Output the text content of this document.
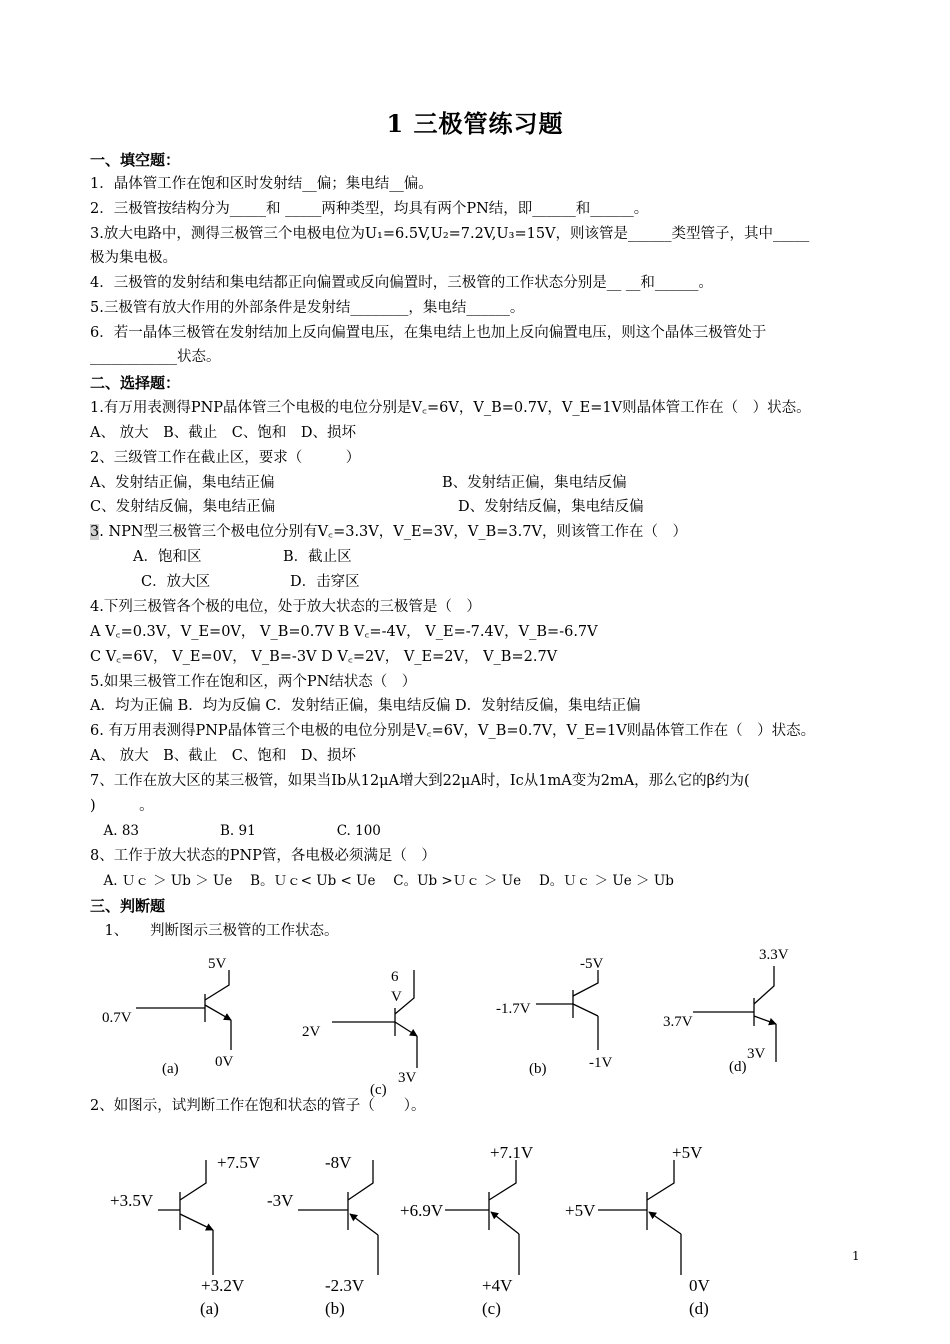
1 三极管练习题
一、填空题：
1．晶体管工作在饱和区时发射结__偏；集电结__偏。
2．三极管按结构分为_____和 _____两种类型，均具有两个PN结，即______和______。
3.放大电路中，测得三极管三个电极电位为U₁=6.5V,U₂=7.2V,U₃=15V，则该管是______类型管子，其中_____
极为集电极。
4．三极管的发射结和集电结都正向偏置或反向偏置时，三极管的工作状态分别是__ __和______。
5.三极管有放大作用的外部条件是发射结________，集电结______。
6．若一晶体三极管在发射结加上反向偏置电压，在集电结上也加上反向偏置电压，则这个晶体三极管处于
____________状态。
二、选择题：
1.有万用表测得PNP晶体管三个电极的电位分别是V꜀=6V，V_B=0.7V，V_E=1V则晶体管工作在（　）状态。
A、 放大　B、截止　C、饱和　D、损坏
2、三级管工作在截止区，要求（　　　）
A、发射结正偏，集电结正偏	B、发射结正偏，集电结反偏
C、发射结反偏，集电结正偏	D、发射结反偏，集电结反偏
3. NPN型三极管三个极电位分别有V꜀=3.3V，V_E=3V，V_B=3.7V，则该管工作在（　）
A．饱和区	B．截止区
C．放大区	D．击穿区
4.下列三极管各个极的电位，处于放大状态的三极管是（　）
A V꜀=0.3V，V_E=0V， V_B=0.7V B V꜀=-4V， V_E=-7.4V，V_B=-6.7V
C V꜀=6V， V_E=0V， V_B=-3V D V꜀=2V， V_E=2V， V_B=2.7V
5.如果三极管工作在饱和区，两个PN结状态（　）
A．均为正偏 B．均为反偏 C．发射结正偏，集电结反偏 D．发射结反偏，集电结正偏
6. 有万用表测得PNP晶体管三个电极的电位分别是V꜀=6V，V_B=0.7V，V_E=1V则晶体管工作在（　）状态。
A、 放大　B、截止　C、饱和　D、损坏
7、工作在放大区的某三极管，如果当Ib从12μA增大到22μA时，Ic从1mA变为2mA，那么它的β约为(
)　　　。
　A. 83　　　　　　B. 91　　　　　　C. 100
8、工作于放大状态的PNP管，各电极必须满足（　）
　A. Ｕｃ ＞ Ub ＞ Ue　 B。Ｕｃ< Ub < Ue　 C。Ub >Ｕｃ ＞ Ue　 D。Ｕｃ ＞ Ue ＞ Ub
三、判断题
　1、　　判断图示三极管的工作状态。
2、如图示，试判断工作在饱和状态的管子（　　）。
5V
0.7V
0V
(a)
6
V
2V
3V
(c)
-5V
-1.7V
-1V
(b)
3.3V
3.7V
3V
(d)
+7.5V
+3.5V
+3.2V
(a)
-8V
-3V
-2.3V
(b)
+7.1V
+6.9V
+4V
(c)
+5V
+5V
0V
(d)
1
